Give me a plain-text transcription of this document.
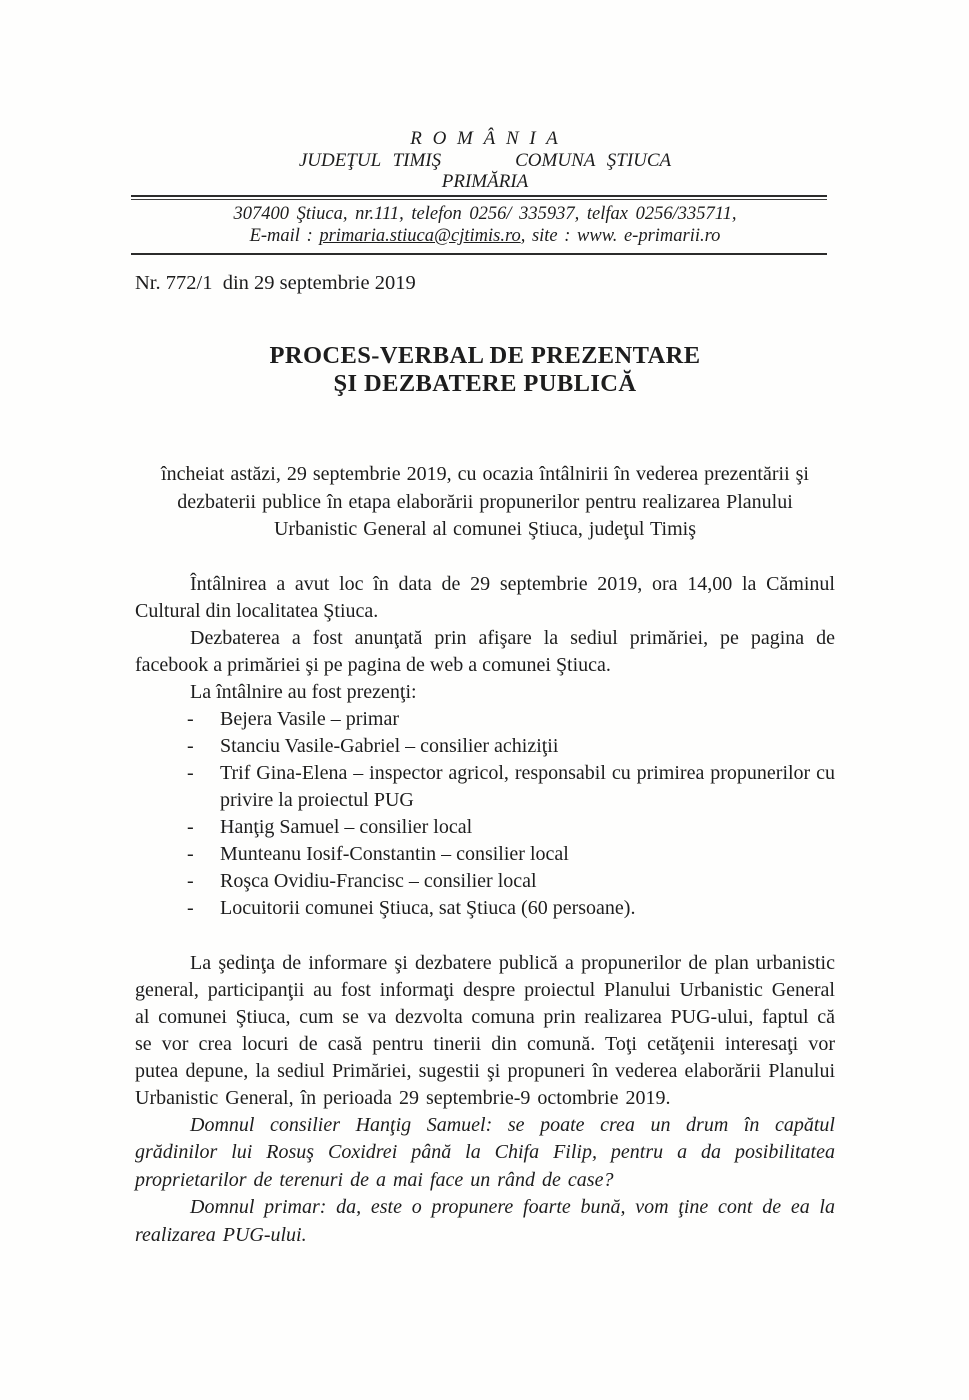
R O M Â N I A
JUDEŢUL TIMIŞ	COMUNA ŞTIUCA
PRIMĂRIA
307400 Ştiuca, nr.111, telefon 0256/ 335937, telfax 0256/335711,
E-mail : primaria.stiuca@cjtimis.ro, site : www. e-primarii.ro
Nr. 772/1  din 29 septembrie 2019
PROCES-VERBAL DE PREZENTARE
ŞI DEZBATERE PUBLICĂ

încheiat astăzi, 29 septembrie 2019, cu ocazia întâlnirii în vederea prezentării şi dezbaterii publice în etapa elaborării propunerilor pentru realizarea Planului Urbanistic General al comunei Ştiuca, judeţul Timiş

Întâlnirea a avut loc în data de 29 septembrie 2019, ora 14,00 la Căminul Cultural din localitatea Ştiuca.

Dezbaterea a fost anunţată prin afişare la sediul primăriei, pe pagina de facebook a primăriei şi pe pagina de web a comunei Ştiuca.

La întâlnire au fost prezenţi:

- Bejera Vasile – primar
- Stanciu Vasile-Gabriel – consilier achiziţii
- Trif Gina-Elena – inspector agricol, responsabil cu primirea propunerilor cu privire la proiectul PUG
- Hanţig Samuel – consilier local
- Munteanu Iosif-Constantin – consilier local
- Roşca Ovidiu-Francisc – consilier local
- Locuitorii comunei Ştiuca, sat Ştiuca (60 persoane).

La şedinţa de informare şi dezbatere publică a propunerilor de plan urbanistic general, participanţii au fost informaţi despre proiectul Planului Urbanistic General al comunei Ştiuca, cum se va dezvolta comuna prin realizarea PUG-ului, faptul că se vor crea locuri de casă pentru tinerii din comună. Toţi cetăţenii interesaţi vor putea depune, la sediul Primăriei, sugestii şi propuneri în vederea elaborării Planului Urbanistic General, în perioada 29 septembrie-9 octombrie 2019.

Domnul consilier Hanţig Samuel: se poate crea un drum în capătul grădinilor lui Rosuş Coxidrei până la Chifa Filip, pentru a da posibilitatea proprietarilor de terenuri de a mai face un rând de case?

Domnul primar: da, este o propunere foarte bună, vom ţine cont de ea la realizarea PUG-ului.
